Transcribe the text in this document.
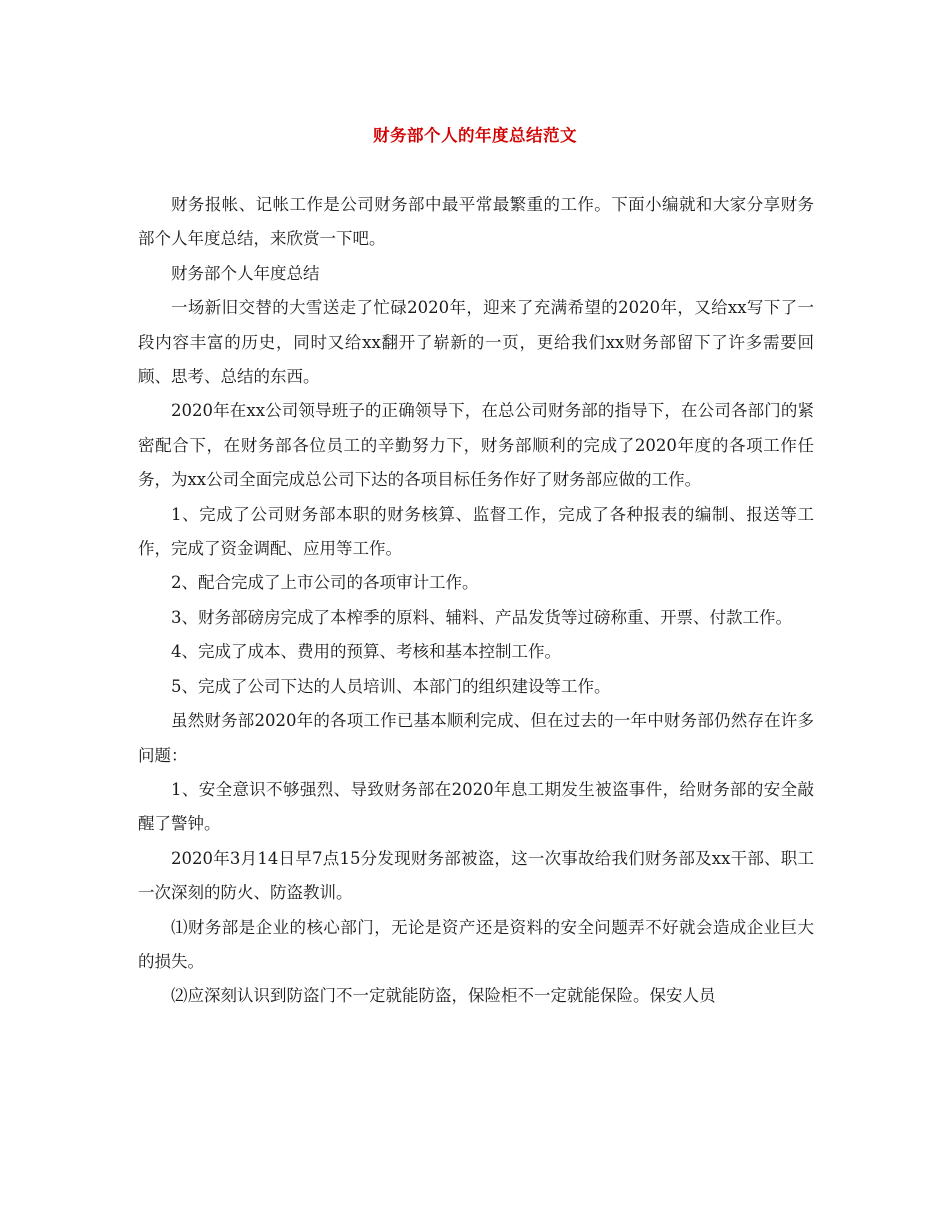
财务部个人的年度总结范文

财务报帐、记帐工作是公司财务部中最平常最繁重的工作。下面小编就和大家分享财务部个人年度总结，来欣赏一下吧。

财务部个人年度总结

一场新旧交替的大雪送走了忙碌2020年，迎来了充满希望的2020年，又给xx写下了一段内容丰富的历史，同时又给xx翻开了崭新的一页，更给我们xx财务部留下了许多需要回顾、思考、总结的东西。

2020年在xx公司领导班子的正确领导下，在总公司财务部的指导下，在公司各部门的紧密配合下，在财务部各位员工的辛勤努力下，财务部顺利的完成了2020年度的各项工作任务，为xx公司全面完成总公司下达的各项目标任务作好了财务部应做的工作。

1、完成了公司财务部本职的财务核算、监督工作，完成了各种报表的编制、报送等工作，完成了资金调配、应用等工作。

2、配合完成了上市公司的各项审计工作。

3、财务部磅房完成了本榨季的原料、辅料、产品发货等过磅称重、开票、付款工作。

4、完成了成本、费用的预算、考核和基本控制工作。

5、完成了公司下达的人员培训、本部门的组织建设等工作。

虽然财务部2020年的各项工作已基本顺利完成、但在过去的一年中财务部仍然存在许多问题：

1、安全意识不够强烈、导致财务部在2020年息工期发生被盗事件，给财务部的安全敲醒了警钟。

2020年3月14日早7点15分发现财务部被盗，这一次事故给我们财务部及xx干部、职工一次深刻的防火、防盗教训。

⑴财务部是企业的核心部门，无论是资产还是资料的安全问题弄不好就会造成企业巨大的损失。

⑵应深刻认识到防盗门不一定就能防盗，保险柜不一定就能保险。保安人员
